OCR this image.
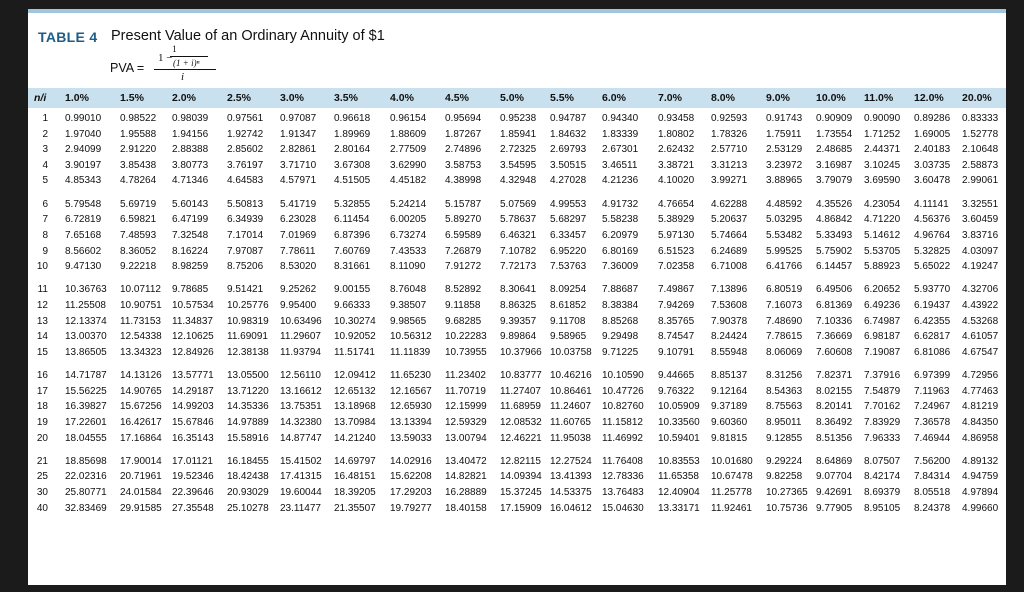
TABLE 4 Present Value of an Ordinary Annuity of $1
PVA =
1 −
1
(1 + i)ⁿ
i
n/i 1.0%	1.5%	2.0%	2.5%	3.0%	3.5%	4.0%	4.5%	5.0% 5.5%	6.0%	7.0%	8.0%	9.0% 10.0% 11.0% 12.0% 20.0%
1 0.99010 0.98522 0.98039 0.97561 0.97087 0.96618 0.96154 0.95694 0.95238 0.94787 0.94340 0.93458 0.92593 0.91743 0.90909 0.90090 0.89286 0.83333
2 1.97040 1.95588 1.94156 1.92742 1.91347 1.89969 1.88609 1.87267 1.85941 1.84632 1.83339 1.80802 1.78326 1.75911 1.73554 1.71252 1.69005 1.52778
3 2.94099 2.91220 2.88388 2.85602 2.82861 2.80164 2.77509 2.74896 2.72325 2.69793 2.67301 2.62432 2.57710 2.53129 2.48685 2.44371 2.40183 2.10648
4 3.90197 3.85438 3.80773 3.76197 3.71710 3.67308 3.62990 3.58753 3.54595 3.50515 3.46511 3.38721 3.31213 3.23972 3.16987 3.10245 3.03735 2.58873
5 4.85343 4.78264 4.71346 4.64583 4.57971 4.51505 4.45182 4.38998 4.32948 4.27028 4.21236 4.10020 3.99271 3.88965 3.79079 3.69590 3.60478 2.99061
6 5.79548 5.69719 5.60143 5.50813 5.41719 5.32855 5.24214 5.15787 5.07569 4.99553 4.91732 4.76654 4.62288 4.48592 4.35526 4.23054 4.11141 3.32551
7 6.72819 6.59821 6.47199 6.34939 6.23028 6.11454 6.00205 5.89270 5.78637 5.68297 5.58238 5.38929 5.20637 5.03295 4.86842 4.71220 4.56376 3.60459
8 7.65168 7.48593 7.32548 7.17014 7.01969 6.87396 6.73274 6.59589 6.46321 6.33457 6.20979 5.97130 5.74664 5.53482 5.33493 5.14612 4.96764 3.83716
9 8.56602 8.36052 8.16224 7.97087 7.78611 7.60769 7.43533 7.26879 7.10782 6.95220 6.80169 6.51523 6.24689 5.99525 5.75902 5.53705 5.32825 4.03097
10 9.47130 9.22218 8.98259 8.75206 8.53020 8.31661 8.11090 7.91272 7.72173 7.53763 7.36009 7.02358 6.71008 6.41766 6.14457 5.88923 5.65022 4.19247
11 10.36763 10.07112 9.78685 9.51421 9.25262 9.00155 8.76048 8.52892 8.30641 8.09254 7.88687 7.49867 7.13896 6.80519 6.49506 6.20652 5.93770 4.32706
12 11.25508 10.90751 10.57534 10.25776 9.95400 9.66333 9.38507 9.11858 8.86325 8.61852 8.38384 7.94269 7.53608 7.16073 6.81369 6.49236 6.19437 4.43922
13 12.13374 11.73153 11.34837 10.98319 10.63496 10.30274 9.98565 9.68285 9.39357 9.11708 8.85268 8.35765 7.90378 7.48690 7.10336 6.74987 6.42355 4.53268
14 13.00370 12.54338 12.10625 11.69091 11.29607 10.92052 10.56312 10.22283 9.89864 9.58965 9.29498 8.74547 8.24424 7.78615 7.36669 6.98187 6.62817 4.61057
15 13.86505 13.34323 12.84926 12.38138 11.93794 11.51741 11.11839 10.73955 10.37966 10.03758 9.71225 9.10791 8.55948 8.06069 7.60608 7.19087 6.81086 4.67547
16 14.71787 14.13126 13.57771 13.05500 12.56110 12.09412 11.65230 11.23402 10.83777 10.46216 10.10590 9.44665 8.85137 8.31256 7.82371 7.37916 6.97399 4.72956
17 15.56225 14.90765 14.29187 13.71220 13.16612 12.65132 12.16567 11.70719 11.27407 10.86461 10.47726 9.76322 9.12164 8.54363 8.02155 7.54879 7.11963 4.77463
18 16.39827 15.67256 14.99203 14.35336 13.75351 13.18968 12.65930 12.15999 11.68959 11.24607 10.82760 10.05909 9.37189 8.75563 8.20141 7.70162 7.24967 4.81219
19 17.22601 16.42617 15.67846 14.97889 14.32380 13.70984 13.13394 12.59329 12.08532 11.60765 11.15812 10.33560 9.60360 8.95011 8.36492 7.83929 7.36578 4.84350
20 18.04555 17.16864 16.35143 15.58916 14.87747 14.21240 13.59033 13.00794 12.46221 11.95038 11.46992 10.59401 9.81815 9.12855 8.51356 7.96333 7.46944 4.86958
21 18.85698 17.90014 17.01121 16.18455 15.41502 14.69797 14.02916 13.40472 12.82115 12.27524 11.76408 10.83553 10.01680 9.29224 8.64869 8.07507 7.56200 4.89132
25 22.02316 20.71961 19.52346 18.42438 17.41315 16.48151 15.62208 14.82821 14.09394 13.41393 12.78336 11.65358 10.67478 9.82258 9.07704 8.42174 7.84314 4.94759
30 25.80771 24.01584 22.39646 20.93029 19.60044 18.39205 17.29203 16.28889 15.37245 14.53375 13.76483 12.40904 11.25778 10.27365 9.42691 8.69379 8.05518 4.97894
40 32.83469 29.91585 27.35548 25.10278 23.11477 21.35507 19.79277 18.40158 17.15909 16.04612 15.04630 13.33171 11.92461 10.75736 9.77905 8.95105 8.24378 4.99660
